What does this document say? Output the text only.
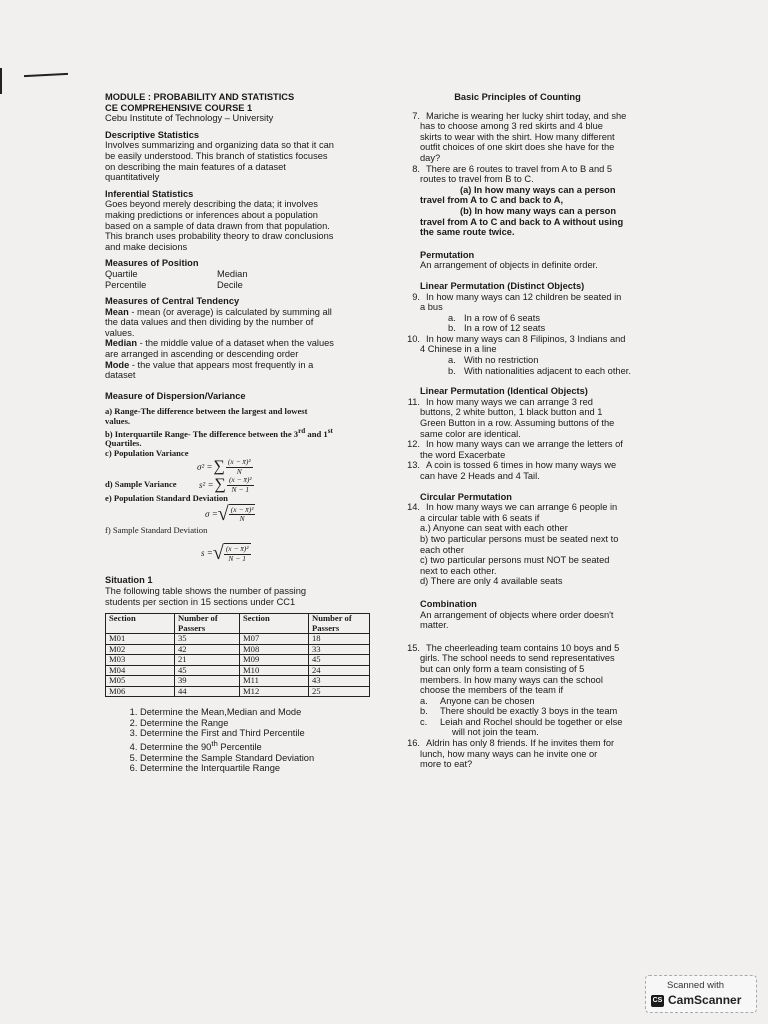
MODULE : PROBABILITY AND STATISTICS
CE COMPREHENSIVE COURSE 1
Cebu Institute of Technology – University
Descriptive Statistics
Involves summarizing and organizing data so that it can
be easily understood. This branch of statistics focuses
on describing the main features of a dataset
quantitatively
Inferential Statistics
Goes beyond merely describing the data; it involves
making predictions or inferences about a population
based on a sample of data drawn from that population.
This branch uses probability theory to draw conclusions
and make decisions
Measures of Position
Quartile	Median
Percentile	Decile
Measures of Central Tendency
Mean - mean (or average) is calculated by summing all
the data values and then dividing by the number of
values.
Median - the middle value of a dataset when the values
are arranged in ascending or descending order
Mode - the value that appears most frequently in a
dataset
Measure of Dispersion/Variance
a) Range-The difference between the largest and lowest
values.
b) Interquartile Range- The difference between the 3rd and 1st
Quartiles.
c) Population Variance
σ² = ∑ $\frac{\text{(x − x̄)²}}{N}$
d) Sample Variance	s² = ∑ $\frac{\text{(x − x̄)²}}{N - 1}$
e) Population Standard Deviation
σ = √ $\frac{\text{(x − x̄)²}}{N}$
f) Sample Standard Deviation
s = √ $\frac{\text{(x − x̄)²}}{N - 1}$
Situation 1
The following table shows the number of passing
students per section in 15 sections under CC1
Section	Number of Passers	Section	Number of Passers
M01	35	M07	18
M02	42	M08	33
M03	21	M09	45
M04	45	M10	24
M05	39	M11	43
M06	44	M12	25
1. Determine the Mean,Median and Mode
2. Determine the Range
3. Determine the First and Third Percentile
4. Determine the 90th Percentile
5. Determine the Sample Standard Deviation
6. Determine the Interquartile Range
Basic Principles of Counting
7. Mariche is wearing her lucky shirt today, and she
has to choose among 3 red skirts and 4 blue
skirts to wear with the shirt. How many different
outfit choices of one skirt does she have for the
day?
8. There are 6 routes to travel from A to B and 5
routes to travel from B to C.
(a) In how many ways can a person
travel from A to C and back to A,
(b) In how many ways can a person
travel from A to C and back to A without using
the same route twice.
Permutation
An arrangement of objects in definite order.
Linear Permutation (Distinct Objects)
9. In how many ways can 12 children be seated in
a bus
a. In a row of 6 seats
b. In a row of 12 seats
10. In how many ways can 8 Filipinos, 3 Indians and
4 Chinese in a line
a. With no restriction
b. With nationalities adjacent to each other.
Linear Permutation (Identical Objects)
11. In how many ways we can arrange 3 red
buttons, 2 white button, 1 black button and 1
Green Button in a row. Assuming buttons of the
same color are identical.
12. In how many ways can we arrange the letters of
the word Exacerbate
13. A coin is tossed 6 times in how many ways we
can have 2 Heads and 4 Tail.
Circular Permutation
14. In how many ways we can arrange 6 people in
a circular table with 6 seats if
a.) Anyone can seat with each other
b) two particular persons must be seated next to
each other
c) two particular persons must NOT be seated
next to each other.
d) There are only 4 available seats
Combination
An arrangement of objects where order doesn't
matter.
15. The cheerleading team contains 10 boys and 5
girls. The school needs to send representatives
but can only form a team consisting of 5
members. In how many ways can the school
choose the members of the team if
a.	Anyone can be chosen
b.	There should be exactly 3 boys in the team
c.	Leiah and Rochel should be together or else
will not join the team.
16. Aldrin has only 8 friends. If he invites them for
lunch, how many ways can he invite one or
more to eat?
Scanned with
CS CamScanner
